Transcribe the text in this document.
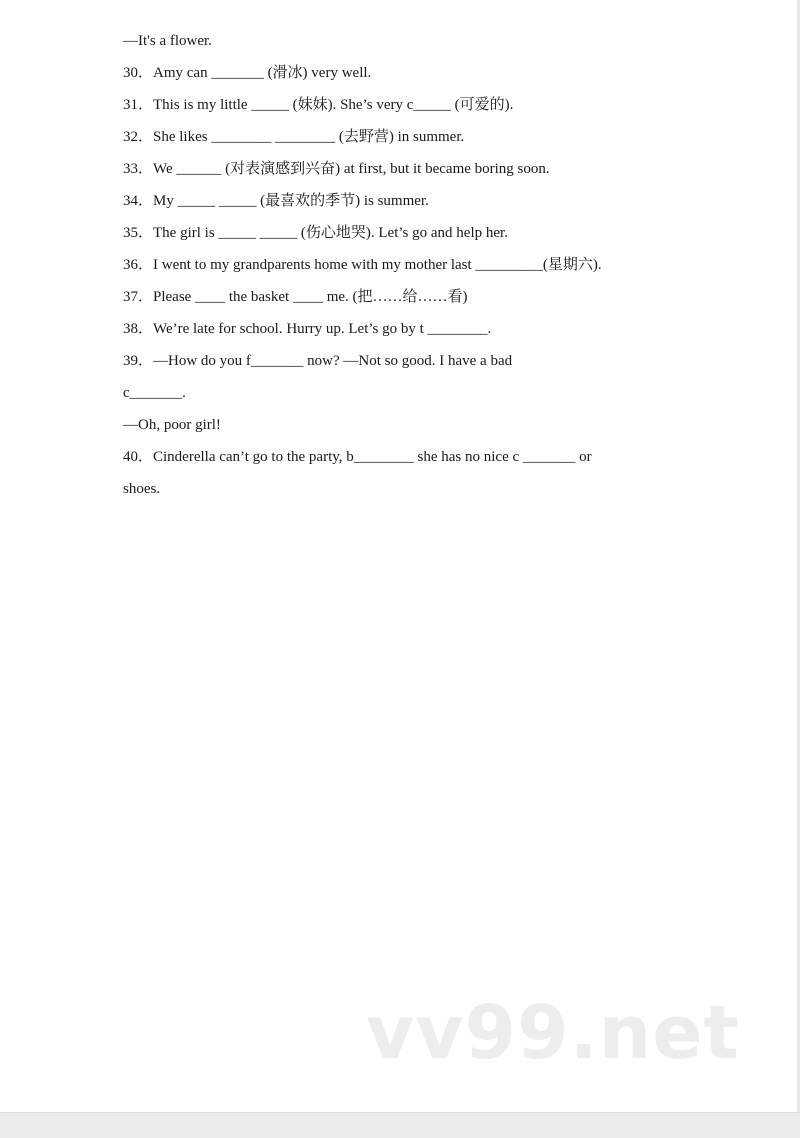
—It's a flower.
30．Amy can _______ (滑冰) very well.
31．This is my little _____ (妹妹). She’s very c_____ (可爱的).
32．She likes ________ ________ (去野营) in summer.
33．We ______ (对表演感到兴奋) at first, but it became boring soon.
34．My _____ _____ (最喜欢的季节) is summer.
35．The girl is _____ _____ (伤心地哭). Let’s go and help her.
36．I went to my grandparents home with my mother last _________(星期六).
37．Please ____ the basket ____ me. (把……给……看)
38．We’re late for school. Hurry up. Let’s go by t ________.
39．—How do you f_______ now? —Not so good. I have a bad
c_______.
—Oh, poor girl!
40．Cinderella can’t go to the party, b________ she has no nice c _______ or
shoes.
vv99.net
